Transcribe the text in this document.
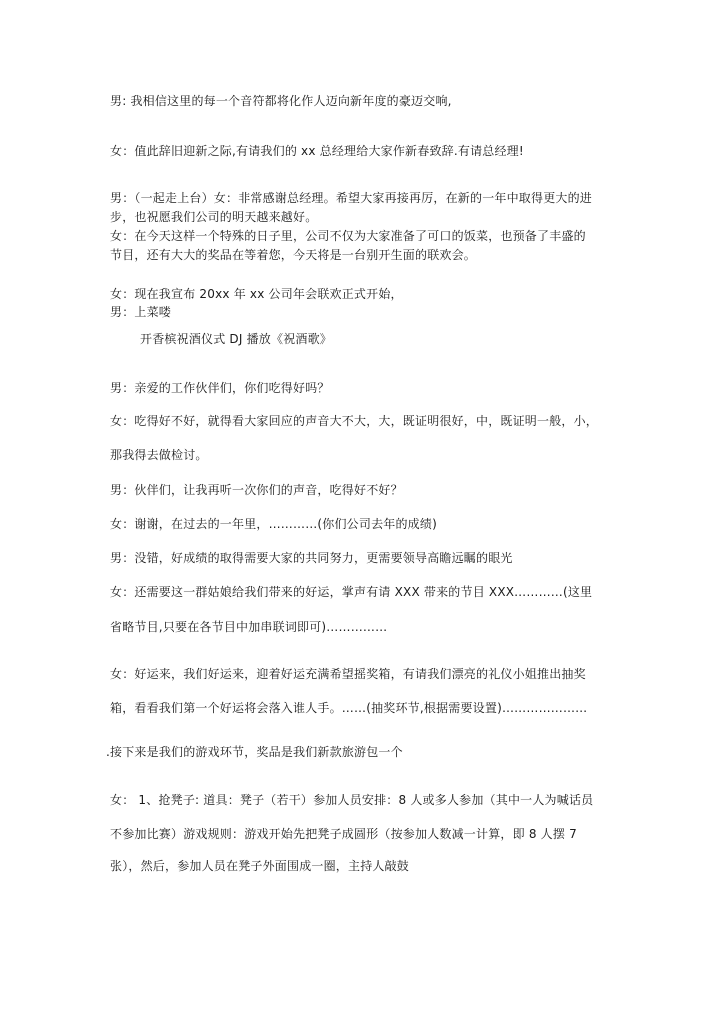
男: 我相信这里的每一个音符都将化作人迈向新年度的豪迈交响,
女：值此辞旧迎新之际,有请我们的 xx 总经理给大家作新春致辞.有请总经理!
男：（一起走上台）女：非常感谢总经理。希望大家再接再厉，在新的一年中取得更大的进
步，也祝愿我们公司的明天越来越好。
女：在今天这样一个特殊的日子里，公司不仅为大家准备了可口的饭菜，也预备了丰盛的
节目，还有大大的奖品在等着您，今天将是一台别开生面的联欢会。
女：现在我宣布 20xx 年 xx 公司年会联欢正式开始，
男：上菜喽
开香槟祝酒仪式 DJ 播放《祝酒歌》
男：亲爱的工作伙伴们，你们吃得好吗？
女：吃得好不好，就得看大家回应的声音大不大，大，既证明很好，中，既证明一般，小，
那我得去做检讨。
男：伙伴们，让我再听一次你们的声音，吃得好不好？
女：谢谢，在过去的一年里，…………(你们公司去年的成绩)
男：没错，好成绩的取得需要大家的共同努力，更需要领导高瞻远瞩的眼光
女：还需要这一群姑娘给我们带来的好运，掌声有请 XXX 带来的节目 XXX…………(这里
省略节目,只要在各节目中加串联词即可)……………
女：好运来，我们好运来，迎着好运充满希望摇奖箱，有请我们漂亮的礼仪小姐推出抽奖
箱，看看我们第一个好运将会落入谁人手。……(抽奖环节,根据需要设置)…………………
.接下来是我们的游戏环节，奖品是我们新款旅游包一个
女： 1、抢凳子: 道具：凳子（若干）参加人员安排：8 人或多人参加（其中一人为喊话员
不参加比赛）游戏规则：游戏开始先把凳子成圆形（按参加人数减一计算，即 8 人摆 7
张），然后，参加人员在凳子外面围成一圈，主持人敲鼓
